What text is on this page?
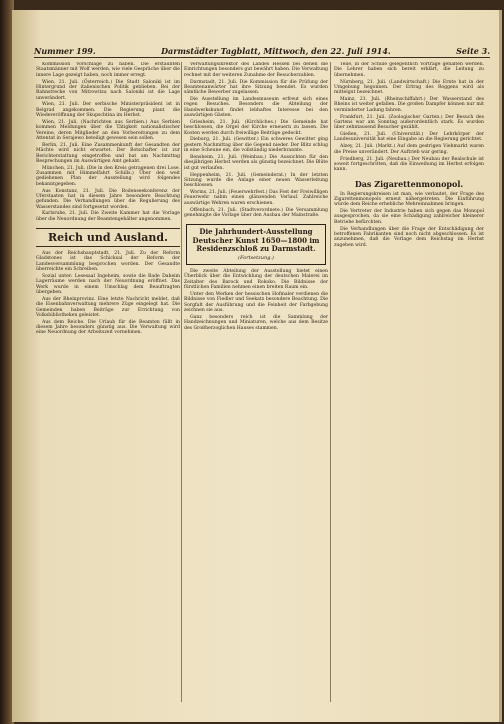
Nummer 199.	Darmstädter Tagblatt, Mittwoch, den 22. Juli 1914.	Seite 3.

Kommission Vorschläge zu haben. Die erstaunten Staatsmänner mit Wolf werden, wie viele Gespräche über die innere Lage gezeigt haben, noch immer erregt.

Wien, 21. Juli. (Österreich.) Die Stadt Saloniki ist im Hintergrund der italienischen Politik geblieben. Bei der Bahnstrecke von Mitrowitza nach Saloniki ist die Lage unverändert.

Wien, 21. Juli. Der serbische Ministerpräsident ist in Belgrad angekommen. Die Regierung plant die Wiedereröffnung der Skupschtina im Herbst.

Wien, 21. Juli. (Nachrichten aus Serbien.) Aus Serbien kommen Meldungen über die Tätigkeit nationalistischer Vereine, deren Mitglieder an den Vorbereitungen zu dem Attentat in Serajewo beteiligt gewesen sein sollen.

Berlin, 21. Juli. Eine Zusammenkunft der Gesandten der Mächte wird nicht erwartet. Der Botschafter ist zur Berichterstattung eingetroffen und hat am Nachmittag Besprechungen im Auswärtigen Amt gehabt.

München, 21. Juli. (Die in den Kreis getragenen drei Lose. Zusammen mit Himmelfahrt Schills.) Über den weit gediehenen Plan der Ausstellung wird folgendes bekanntgegeben.

Aus Konstanz, 21. Juli. Die Bodenseekonferenz der Uferstaaten hat in diesem Jahre besondere Beachtung gefunden. Die Verhandlungen über die Regulierung des Wasserstandes sind fortgesetzt worden.

Karlsruhe, 21. Juli. Die Zweite Kammer hat die Vorlage über die Neuordnung der Beamtengehälter angenommen.

Reich und Ausland.

Aus der Reichshauptstadt, 21. Juli. Zu der Reform Gladstones ist das Schicksal der Reform der Landesversammlung besprochen worden. Der Gesandte überreichte ein Schreiben.

Sozial unter: Lesesaal Ingeheim, sowie die Bade Daheim Lagerräume werden nach der Neuordnung eröffnet. Das Werk wurde in einem Umschlag dem Beauftragten übergeben.

Aus der Rheinprovinz. Eine letzte Nachricht meldet, daß die Eisenbahnverwaltung mehrere Züge eingelegt hat. Die Gemeinden haben Beiträge zur Errichtung von Volksbibliotheken geleistet.

Aus dem Reiche. Die Urlaub für die Beamten fällt in diesem Jahre besonders günstig aus. Die Verwaltung wird eine Neuordnung der Arbeitszeit vornehmen.

Verwaltungsdirektor des Landes Hessen bei denen die Einrichtungen besonders gut bewährt haben. Die Verwaltung rechnet mit der weiteren Zunahme der Besucherzahlen.

Darmstadt, 21. Juli. Die Kommission für die Prüfung der Beamtenanwärter hat ihre Sitzung beendet. Es wurden sämtliche Bewerber zugelassen.

Die Ausstellung im Landesmuseum erfreut sich eines regen Besuches. Besonders die Abteilung der Handwerkskunst findet lebhaftes Interesse bei den auswärtigen Gästen.

Griesheim, 21. Juli. (Kirchliches.) Die Gemeinde hat beschlossen, die Orgel der Kirche erneuern zu lassen. Die Kosten werden durch freiwillige Beiträge gedeckt.

Dieburg, 21. Juli. (Gewitter.) Ein schweres Gewitter ging gestern Nachmittag über die Gegend nieder. Der Blitz schlug in eine Scheune ein, die vollständig niederbrannte.

Bensheim, 21. Juli. (Weinbau.) Die Aussichten für den diesjährigen Herbst werden als günstig bezeichnet. Die Blüte ist gut verlaufen.

Heppenheim, 21. Juli. (Gemeinderat.) In der letzten Sitzung wurde die Anlage einer neuen Wasserleitung beschlossen.

Worms, 21. Juli. (Feuerwehrfest.) Das Fest der Freiwilligen Feuerwehr nahm einen glänzenden Verlauf. Zahlreiche auswärtige Wehren waren erschienen.

Offenbach, 21. Juli. (Stadtverordnete.) Die Versammlung genehmigte die Vorlage über den Ausbau der Mainstraße.

Die Jahrhundert-Ausstellung Deutscher Kunst 1650—1800 im Residenzschloß zu Darmstadt.
(Fortsetzung.)

Die zweite Abteilung der Ausstellung bietet einen Überblick über die Entwicklung der deutschen Malerei im Zeitalter des Barock und Rokoko. Die Bildnisse der fürstlichen Familien nehmen einen breiten Raum ein.

Unter den Werken der hessischen Hofmaler verdienen die Bildnisse von Fiedler und Seekatz besondere Beachtung. Die Sorgfalt der Ausführung und die Feinheit der Farbgebung zeichnen sie aus.

Ganz besonders reich ist die Sammlung der Handzeichnungen und Miniaturen, welche aus dem Besitze des Großherzoglichen Hauses stammen.

Teile, in der Schule gelegentlich Vorträge gehalten werden. Die Lehrer haben sich bereit erklärt, die Leitung zu übernehmen.

Nürnberg, 21. Juli. (Landwirtschaft.) Die Ernte hat in der Umgebung begonnen. Der Ertrag des Roggens wird als mittelgut bezeichnet.

Mainz, 21. Juli. (Rheinschiffahrt.) Der Wasserstand des Rheins ist weiter gefallen. Die großen Dampfer können nur mit verminderter Ladung fahren.

Frankfurt, 21. Juli. (Zoologischer Garten.) Der Besuch des Gartens war am Sonntag außerordentlich stark. Es wurden über zehntausend Besucher gezählt.

Gießen, 21. Juli. (Universität.) Der Lehrkörper der Landesuniversität hat eine Eingabe an die Regierung gerichtet.

Alzey, 21. Juli. (Markt.) Auf dem gestrigen Viehmarkt waren die Preise unverändert. Der Auftrieb war gering.

Friedberg, 21. Juli. (Neubau.) Der Neubau der Realschule ist soweit fortgeschritten, daß die Einweihung im Herbst erfolgen kann.

Das Zigarettenmonopol.

In Regierungskreisen ist man, wie verlautet, der Frage des Zigarettenmonopols erneut nähergetreten. Die Einführung würde dem Reiche erhebliche Mehreinnahmen bringen.

Die Vertreter der Industrie haben sich gegen das Monopol ausgesprochen, da sie eine Schädigung zahlreicher kleinerer Betriebe befürchten.

Die Verhandlungen über die Frage der Entschädigung der betroffenen Fabrikanten sind noch nicht abgeschlossen. Es ist anzunehmen, daß die Vorlage dem Reichstag im Herbst zugehen wird.
